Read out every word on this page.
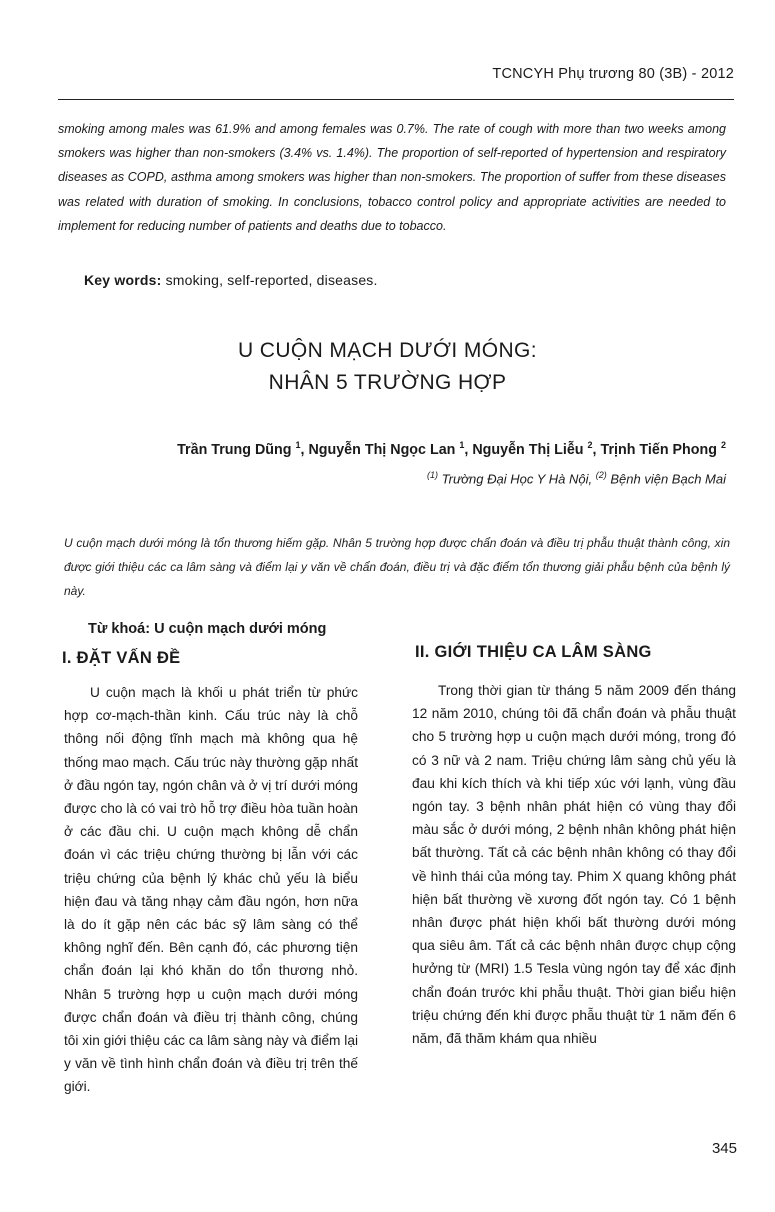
TCNCYH Phụ trương 80 (3B) - 2012
smoking among males was 61.9% and among females was 0.7%. The rate of cough with more than two weeks among smokers was higher than non-smokers (3.4% vs. 1.4%). The proportion of self-reported of hypertension and respiratory diseases as COPD, asthma among smokers was higher than non-smokers. The proportion of suffer from these diseases was related with duration of smoking. In conclusions, tobacco control policy and appropriate activities are needed to implement for reducing number of patients and deaths due to tobacco.
Key words: smoking, self-reported, diseases.
U CUỘN MẠCH DƯỚI MÓNG:
NHÂN 5 TRƯỜNG HỢP
Trần Trung Dũng $^1$, Nguyễn Thị Ngọc Lan $^1$, Nguyễn Thị Liễu $^2$, Trịnh Tiến Phong $^2$
$^{(1)}$ Trường Đại Học Y Hà Nội, $^{(2)}$ Bệnh viện Bạch Mai
U cuộn mạch dưới móng là tổn thương hiếm gặp. Nhân 5 trường hợp được chẩn đoán và điều trị phẫu thuật thành công, xin được giới thiệu các ca lâm sàng và điểm lại y văn về chẩn đoán, điều trị và đặc điểm tổn thương giải phẫu bệnh của bệnh lý này.
Từ khoá: U cuộn mạch dưới móng
I. ĐẶT VẤN ĐỀ
U cuộn mạch là khối u phát triển từ phức hợp cơ-mạch-thần kinh. Cấu trúc này là chỗ thông nối động tĩnh mạch mà không qua hệ thống mao mạch. Cấu trúc này thường gặp nhất ở đầu ngón tay, ngón chân và ở vị trí dưới móng được cho là có vai trò hỗ trợ điều hòa tuần hoàn ở các đầu chi. U cuộn mạch không dễ chẩn đoán vì các triệu chứng thường bị lẫn với các triệu chứng của bệnh lý khác chủ yếu là biểu hiện đau và tăng nhạy cảm đầu ngón, hơn nữa là do ít gặp nên các bác sỹ lâm sàng có thể không nghĩ đến. Bên cạnh đó, các phương tiện chẩn đoán lại khó khăn do tổn thương nhỏ. Nhân 5 trường hợp u cuộn mạch dưới móng được chẩn đoán và điều trị thành công, chúng tôi xin giới thiệu các ca lâm sàng này và điểm lại y văn về tình hình chẩn đoán và điều trị trên thế giới.
II. GIỚI THIỆU CA LÂM SÀNG
Trong thời gian từ tháng 5 năm 2009 đến tháng 12 năm 2010, chúng tôi đã chẩn đoán và phẫu thuật cho 5 trường hợp u cuộn mạch dưới móng, trong đó có 3 nữ và 2 nam. Triệu chứng lâm sàng chủ yếu là đau khi kích thích và khi tiếp xúc với lạnh, vùng đầu ngón tay. 3 bệnh nhân phát hiện có vùng thay đổi màu sắc ở dưới móng, 2 bệnh nhân không phát hiện bất thường. Tất cả các bệnh nhân không có thay đổi về hình thái của móng tay. Phim X quang không phát hiện bất thường về xương đốt ngón tay. Có 1 bệnh nhân được phát hiện khối bất thường dưới móng qua siêu âm. Tất cả các bệnh nhân được chụp cộng hưởng từ (MRI) 1.5 Tesla vùng ngón tay để xác định chẩn đoán trước khi phẫu thuật. Thời gian biểu hiện triệu chứng đến khi được phẫu thuật từ 1 năm đến 6 năm, đã thăm khám qua nhiều
345
